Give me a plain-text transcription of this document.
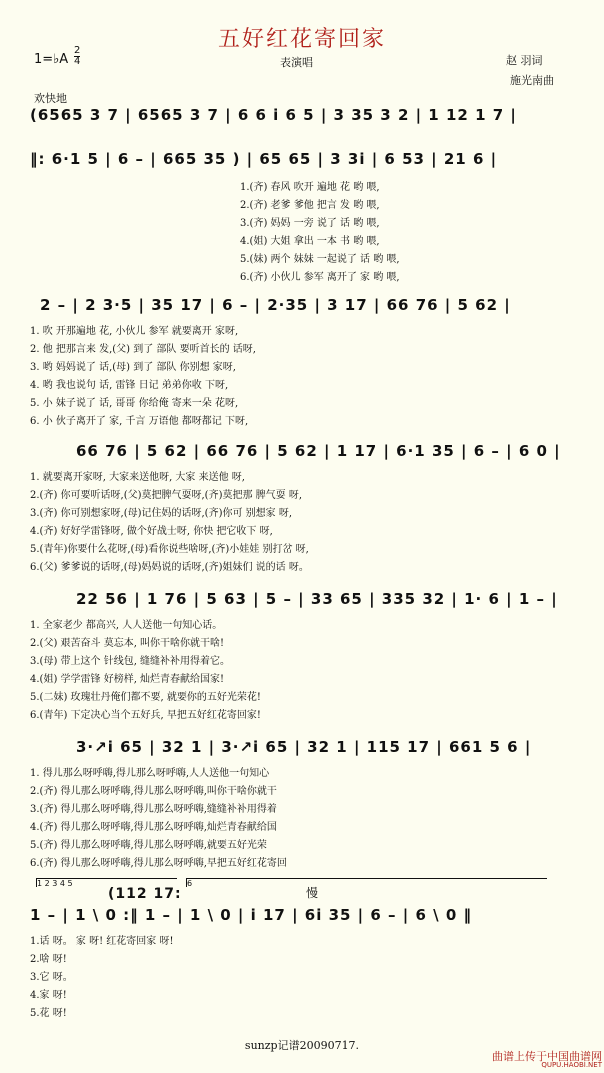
五好红花寄回家
1=♭A
2
4	表演唱	赵 羽词
施光南曲
欢快地
(6565 3 7 | 6565 3 7 | 6 6 i 6 5 | 3 35 3 2 | 1 12 1 7 |
‖: 6·1 5 | 6 – | 665 35 ) | 65 65 | 3 3i | 6 53 | 21 6 |
1.(齐) 春风 吹开 遍地 花 哟 喂,
2.(齐) 老爹 爹他 把言 发 哟 喂,
3.(齐) 妈妈 一旁 说了 话 哟 喂,
4.(姐) 大姐 拿出 一本 书 哟 喂,
5.(妹) 两个 妹妹 一起说了 话 哟 喂,
6.(齐) 小伙儿 参军 离开了 家 哟 喂,
2 – | 2 3·5 | 35 17 | 6 – | 2·35 | 3 17 | 66 76 | 5 62 |
1. 吹 开那遍地 花, 小伙儿 参军 就要离开 家呀,
2. 他 把那言来 发,(父) 到了 部队 要听首长的 话呀,
3. 哟 妈妈说了 话,(母) 到了 部队 你别想 家呀,
4. 哟 我也说句 话, 雷锋 日记 弟弟你收 下呀,
5. 小 妹子说了 话, 哥哥 你给俺 寄来一朵 花呀,
6. 小 伙子离开了 家, 千言 万语他 都呀都记 下呀,
66 76 | 5 62 | 66 76 | 5 62 | 1 17 | 6·1 35 | 6 – | 6 0 |
1. 就要离开家呀, 大家来送他呀, 大家 来送他 呀,
2.(齐) 你可要听话呀,(父)莫把脾气耍呀,(齐)莫把那 脾气耍 呀,
3.(齐) 你可别想家呀,(母)记住妈的话呀,(齐)你可 别想家 呀,
4.(齐) 好好学雷锋呀, 做个好战士呀, 你快 把它收下 呀,
5.(青年)你要什么花呀,(母)看你说些啥呀,(齐)小娃娃 别打岔 呀,
6.(父) 爹爹说的话呀,(母)妈妈说的话呀,(齐)姐妹们 说的话 呀。
22 56 | 1 76 | 5 63 | 5 – | 33 65 | 335 32 | 1· 6 | 1 – |
1. 全家老少 都高兴, 人人送他一句知心话。
2.(父) 艰苦奋斗 莫忘本, 叫你干啥你就干啥!
3.(母) 带上这个 针线包, 缝缝补补用得着它。
4.(姐) 学学雷锋 好榜样, 灿烂青春献给国家!
5.(二妹) 玫瑰壮丹俺们都不要, 就要你的五好光荣花!
6.(青年) 下定决心当个五好兵, 早把五好红花寄回家!
3·↗i 65 | 32 1 | 3·↗i 65 | 32 1 | 115 17 | 661 5 6 |
1. 得儿那么呀呼嗨,得儿那么呀呼嗨,人人送他一句知心
2.(齐) 得儿那么呀呼嗨,得儿那么呀呼嗨,叫你干啥你就干
3.(齐) 得儿那么呀呼嗨,得儿那么呀呼嗨,缝缝补补用得着
4.(齐) 得儿那么呀呼嗨,得儿那么呀呼嗨,灿烂青春献给国
5.(齐) 得儿那么呀呼嗨,得儿那么呀呼嗨,就要五好光荣
6.(齐) 得儿那么呀呼嗨,得儿那么呀呼嗨,早把五好红花寄回
1 2 3 4 5	6
(112 17:	慢
1 – | 1 \ 0 :‖ 1 – | 1 \ 0 | i 17 | 6i 35 | 6 – | 6 \ 0 ‖
1.话 呀。 家 呀! 红花寄回家 呀!
2.啥 呀!
3.它 呀。
4.家 呀!
5.花 呀!
sunzp记谱20090717.
曲谱上传于中国曲谱网
QUPU.HAOBI.NET
